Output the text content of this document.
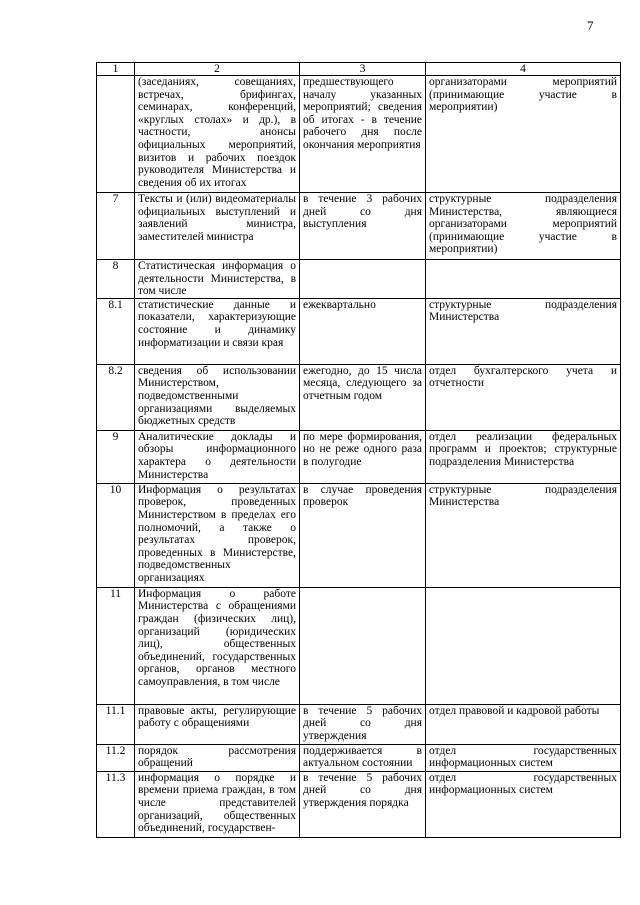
7
1	2	3	4
	(заседаниях, совещаниях, встречах, брифингах, семинарах, конференций, «круглых столах» и др.), в частности, анонсы официальных мероприятий, визитов и рабочих поездок руководителя Министерства и сведения об их итогах	предшествующего началу указанных мероприятий; сведения об итогах - в течение рабочего дня после окончания мероприятия	организаторами мероприятий (принимающие участие в мероприятии)
7	Тексты и (или) видеоматериалы официальных выступлений и заявлений министра, заместителей министра	в течение 3 рабочих дней со дня выступления	структурные подразделения Министерства, являющиеся организаторами мероприятий (принимающие участие в мероприятии)
8	Статистическая информация о деятельности Министерства, в том числе		
8.1	статистические данные и показатели, характеризующие состояние и динамику информатизации и связи края	ежеквартально	структурные подразделения Министерства
8.2	сведения об использовании Министерством, подведомственными организациями выделяемых бюджетных средств	ежегодно, до 15 числа месяца, следующего за отчетным годом	отдел бухгалтерского учета и отчетности
9	Аналитические доклады и обзоры информационного характера о деятельности Министерства	по мере формирования, но не реже одного раза в полугодие	отдел реализации федеральных программ и проектов; структурные подразделения Министерства
10	Информация о результатах проверок, проведенных Министерством в пределах его полномочий, а также о результатах проверок, проведенных в Министерстве, подведомственных организациях	в случае проведения проверок	структурные подразделения Министерства
11	Информация о работе Министерства с обращениями граждан (физических лиц), организаций (юридических лиц), общественных объединений, государственных органов, органов местного самоуправления, в том числе		
11.1	правовые акты, регулирующие работу с обращениями	в течение 5 рабочих дней со дня утверждения	отдел правовой и кадровой работы
11.2	порядок рассмотрения обращений	поддерживается в актуальном состоянии	отдел государственных информационных систем
11.3	информация о порядке и времени приема граждан, в том числе представителей организаций, общественных объединений, государствен-	в течение 5 рабочих дней со дня утверждения порядка	отдел государственных информационных систем
